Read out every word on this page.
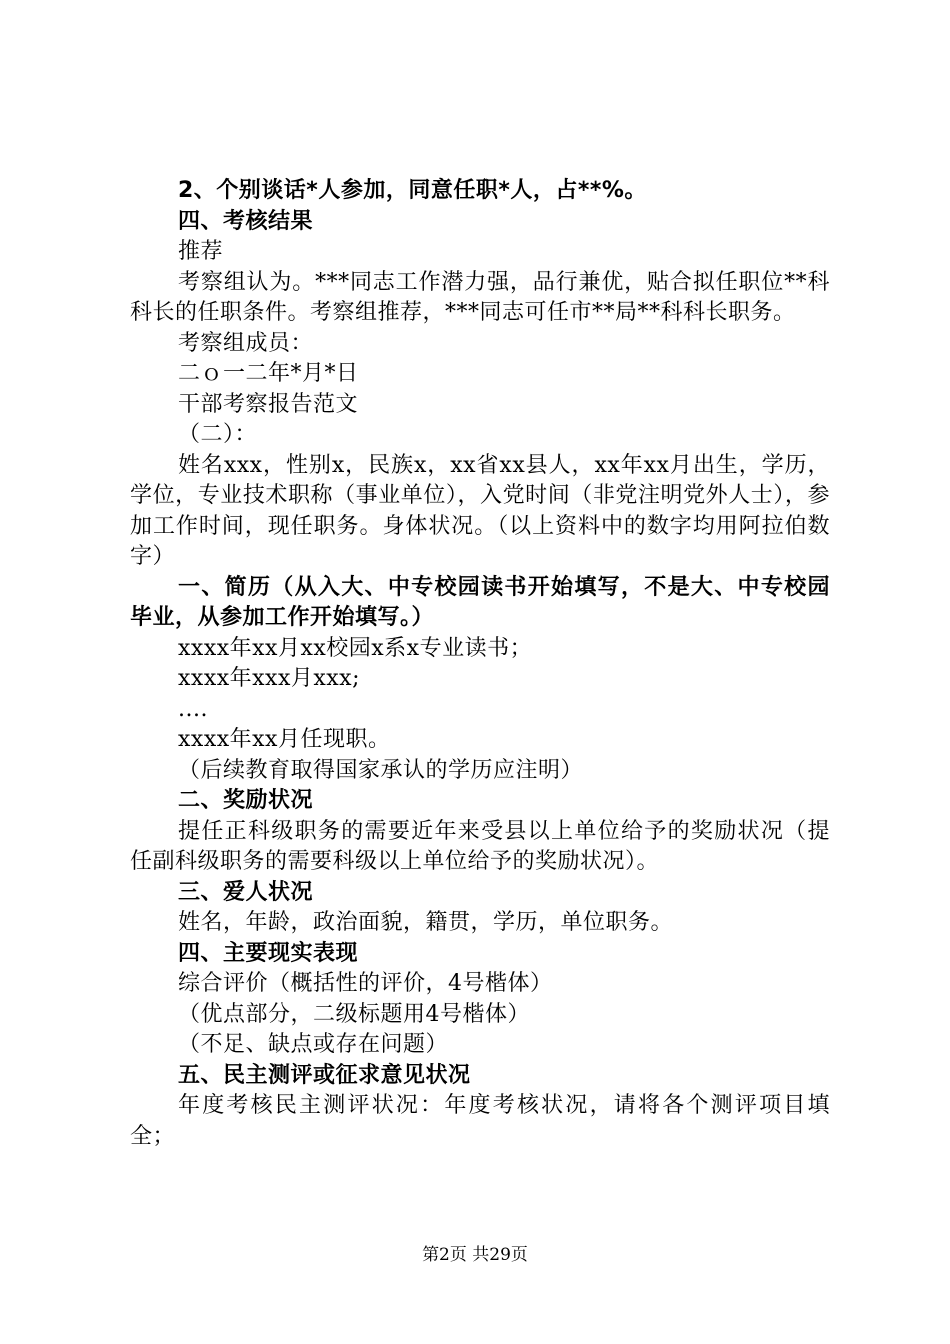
2、个别谈话*人参加，同意任职*人，占**%。

四、考核结果

推荐

考察组认为。***同志工作潜力强，品行兼优，贴合拟任职位**科科长的任职条件。考察组推荐，***同志可任市**局**科科长职务。

考察组成员：

二ｏ一二年*月*日

干部考察报告范文

（二）：

姓名xxx，性别x，民族x，xx省xx县人，xx年xx月出生，学历，学位，专业技术职称（事业单位），入党时间（非党注明党外人士），参加工作时间，现任职务。身体状况。（以上资料中的数字均用阿拉伯数字）

一、简历（从入大、中专校园读书开始填写，不是大、中专校园毕业，从参加工作开始填写。）

xxxx年xx月xx校园x系x专业读书；

xxxx年xxx月xxx;

....

xxxx年xx月任现职。

（后续教育取得国家承认的学历应注明）

二、奖励状况

提任正科级职务的需要近年来受县以上单位给予的奖励状况（提任副科级职务的需要科级以上单位给予的奖励状况）。

三、爱人状况

姓名，年龄，政治面貌，籍贯，学历，单位职务。

四、主要现实表现

综合评价（概括性的评价，4号楷体）

（优点部分，二级标题用4号楷体）

（不足、缺点或存在问题）

五、民主测评或征求意见状况

年度考核民主测评状况：年度考核状况，请将各个测评项目填全；

第2页 共29页
